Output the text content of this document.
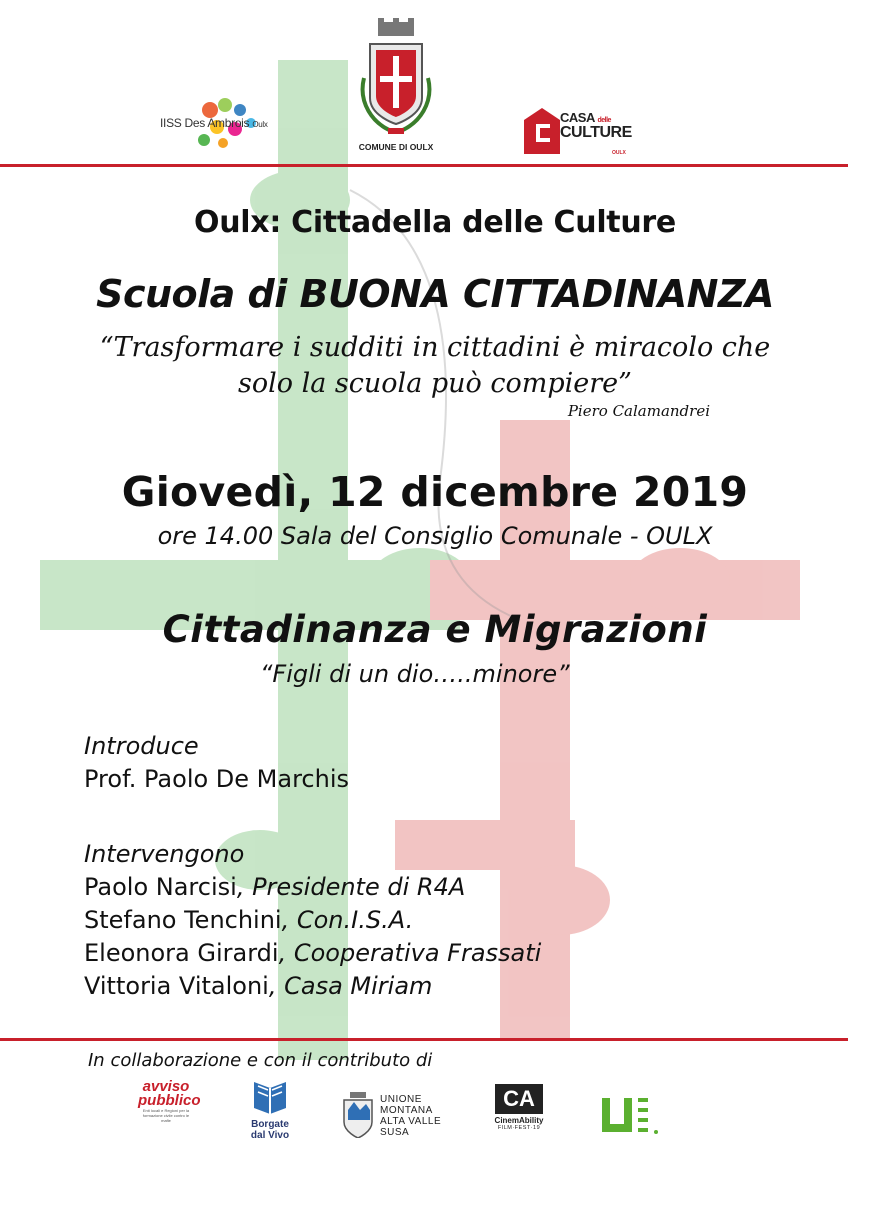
IISS Des Ambrois Oulx
COMUNE DI OULX
CASA delle
CULTURE
OULX
Oulx: Cittadella delle Culture
Scuola di BUONA CITTADINANZA
“Trasformare i sudditi in cittadini è miracolo che
solo la scuola può compiere”
Piero Calamandrei
Giovedì, 12 dicembre 2019
ore 14.00 Sala del Consiglio Comunale - OULX
Cittadinanza e Migrazioni
“Figli di un dio…..minore”
Introduce
Prof. Paolo De Marchis
Intervengono
Paolo Narcisi, Presidente di R4A
Stefano Tenchini, Con.I.S.A.
Eleonora Girardi, Cooperativa Frassati
Vittoria Vitaloni, Casa Miriam
In collaborazione e con il contributo di
avviso
pubblico
Enti locali e Regioni per la formazione civile contro le mafie	Borgate
dal Vivo
UNIONE
MONTANA
ALTA VALLE
SUSA
CA
CinemAbility
FILM·FEST·19
